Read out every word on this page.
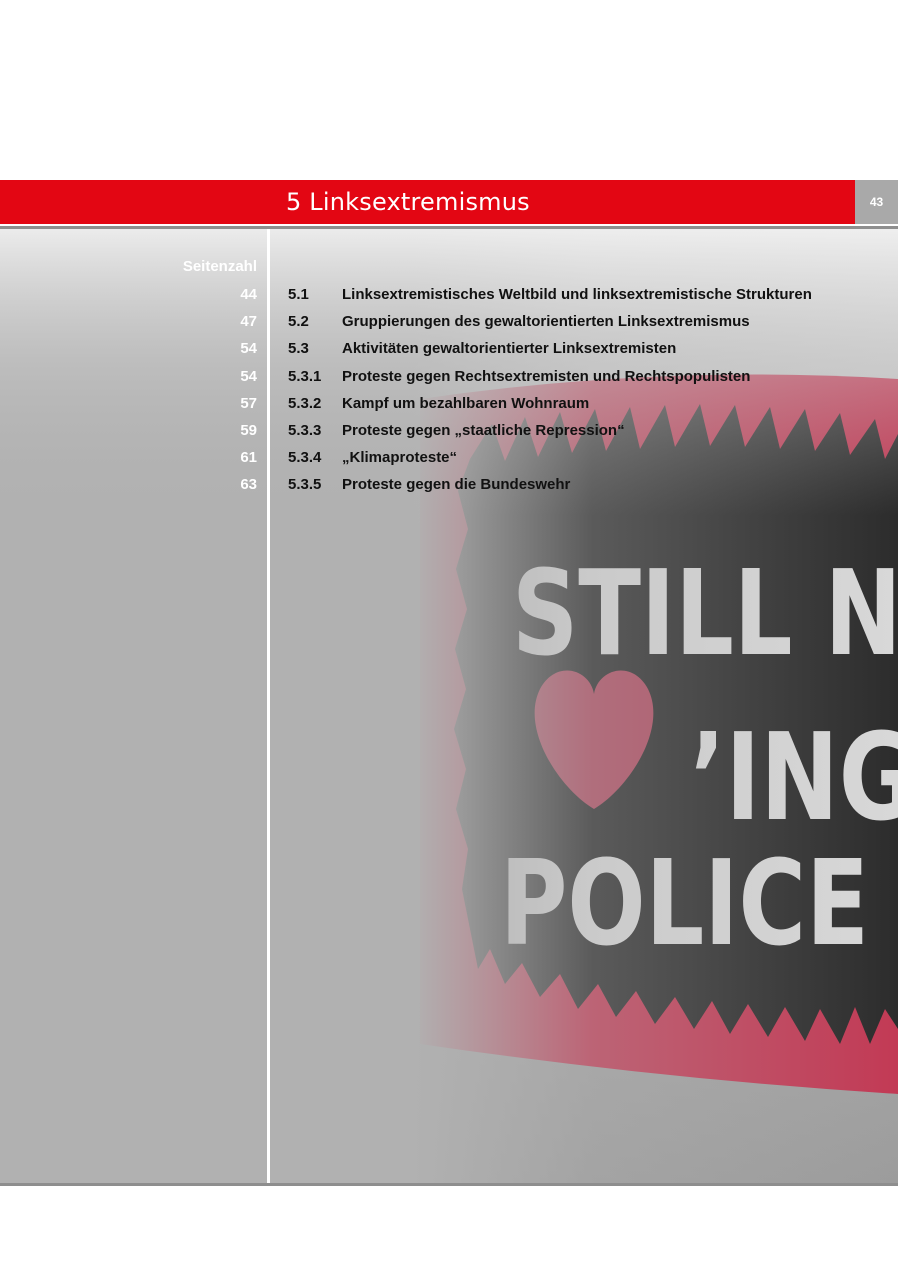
5 Linksextremismus	43
Seitenzahl
44 5.1 Linksextremistisches Weltbild und linksextremistische Strukturen
47 5.2 Gruppierungen des gewaltorientierten Linksextremismus
54 5.3 Aktivitäten gewaltorientierter Linksextremisten
54 5.3.1 Proteste gegen Rechtsextremisten und Rechtspopulisten
57 5.3.2 Kampf um bezahlbaren Wohnraum
59 5.3.3 Proteste gegen „staatliche Repression“
61 5.3.4 „Klimaproteste“
63 5.3.5 Proteste gegen die Bundeswehr
